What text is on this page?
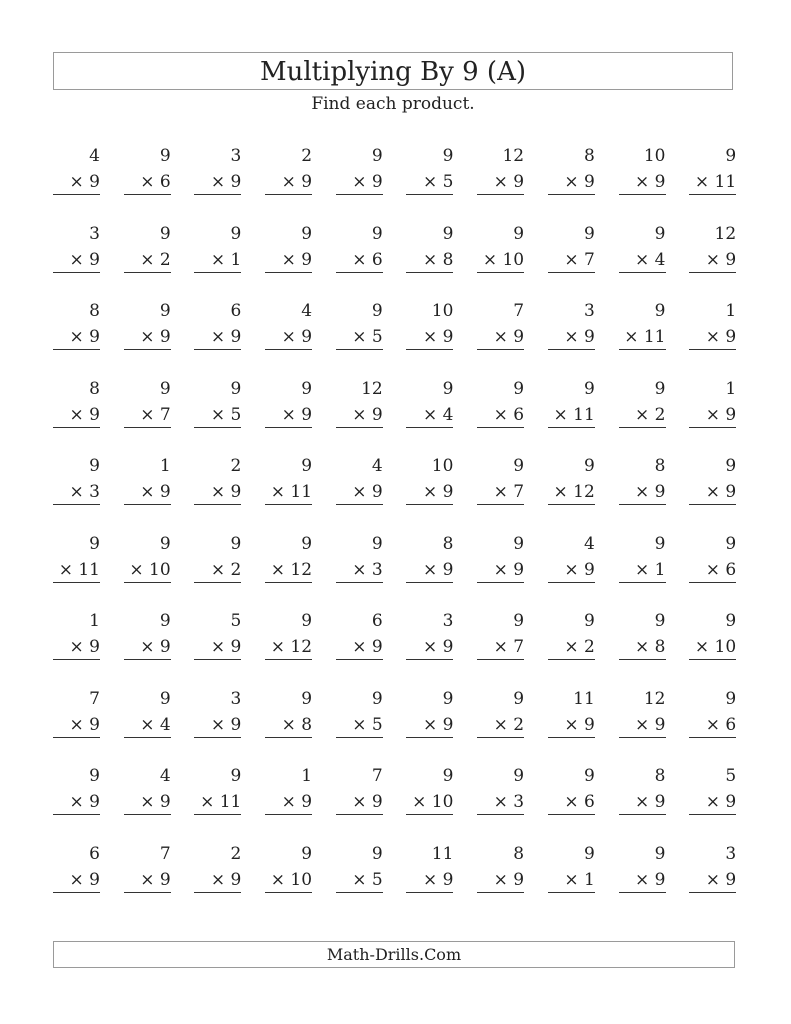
Multiplying By 9 (A)
Find each product.
4
× 9
9
× 6
3
× 9
2
× 9
9
× 9
9
× 5
12
× 9
8
× 9
10
× 9
9
× 11
3
× 9
9
× 2
9
× 1
9
× 9
9
× 6
9
× 8
9
× 10
9
× 7
9
× 4
12
× 9
8
× 9
9
× 9
6
× 9
4
× 9
9
× 5
10
× 9
7
× 9
3
× 9
9
× 11
1
× 9
8
× 9
9
× 7
9
× 5
9
× 9
12
× 9
9
× 4
9
× 6
9
× 11
9
× 2
1
× 9
9
× 3
1
× 9
2
× 9
9
× 11
4
× 9
10
× 9
9
× 7
9
× 12
8
× 9
9
× 9
9
× 11
9
× 10
9
× 2
9
× 12
9
× 3
8
× 9
9
× 9
4
× 9
9
× 1
9
× 6
1
× 9
9
× 9
5
× 9
9
× 12
6
× 9
3
× 9
9
× 7
9
× 2
9
× 8
9
× 10
7
× 9
9
× 4
3
× 9
9
× 8
9
× 5
9
× 9
9
× 2
11
× 9
12
× 9
9
× 6
9
× 9
4
× 9
9
× 11
1
× 9
7
× 9
9
× 10
9
× 3
9
× 6
8
× 9
5
× 9
6
× 9
7
× 9
2
× 9
9
× 10
9
× 5
11
× 9
8
× 9
9
× 1
9
× 9
3
× 9
Math-Drills.Com
